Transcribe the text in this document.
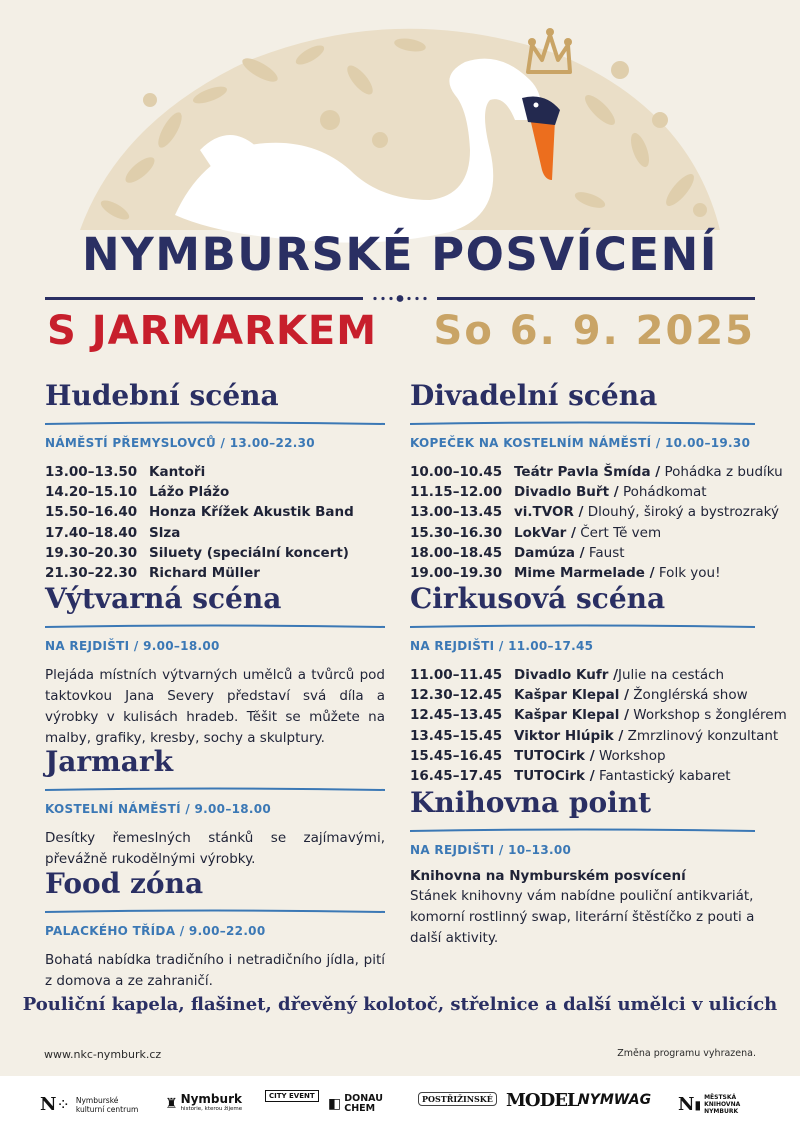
NYMBURSKÉ POSVÍCENÍ
S JARMARKEM So 6. 9. 2025
Hudební scéna
NÁMĚSTÍ PŘEMYSLOVCŮ / 13.00–22.30
13.00–13.50 Kantoři
14.20–15.10 Lážo Plážo
15.50–16.40 Honza Křížek Akustik Band
17.40–18.40 Slza
19.30–20.30 Siluety (speciální koncert)
21.30–22.30 Richard Müller
Výtvarná scéna
NA REJDIŠTI / 9.00–18.00
Plejáda místních výtvarných umělců a tvůrců pod taktovkou Jana Severy představí svá díla a výrobky v kulisách hradeb. Těšit se můžete na malby, grafiky, kresby, sochy a skulptury.
Jarmark
KOSTELNÍ NÁMĚSTÍ / 9.00–18.00
Desítky řemeslných stánků se zajímavými, převážně rukodělnými výrobky.
Food zóna
PALACKÉHO TŘÍDA / 9.00–22.00
Bohatá nabídka tradičního i netradičního jídla, pití z domova a ze zahraničí.
Divadelní scéna
KOPEČEK NA KOSTELNÍM NÁMĚSTÍ / 10.00–19.30
10.00–10.45 Teátr Pavla Šmída / Pohádka z budíku
11.15–12.00 Divadlo Buřt / Pohádkomat
13.00–13.45 vi.TVOR / Dlouhý, široký a bystrozraký
15.30–16.30 LokVar / Čert Tě vem
18.00–18.45 Damúza / Faust
19.00–19.30 Mime Marmelade / Folk you!
Cirkusová scéna
NA REJDIŠTI / 11.00–17.45
11.00–11.45 Divadlo Kufr / Julie na cestách
12.30–12.45 Kašpar Klepal / Žonglérská show
12.45–13.45 Kašpar Klepal / Workshop s žonglérem
13.45–15.45 Viktor Hlúpik / Zmrzlinový konzultant
15.45–16.45 TUTOCirk / Workshop
16.45–17.45 TUTOCirk / Fantastický kabaret
Knihovna point
NA REJDIŠTI / 10–13.00
Knihovna na Nymburském posvícení
Stánek knihovny vám nabídne pouliční antikvariát, komorní rostlinný swap, literární štěstíčko z pouti a další aktivity.
Pouliční kapela, flašinet, dřevěný kolotoč, střelnice a další umělci v ulicích
www.nkc-nymburk.cz	Změna programu vyhrazena.
N ⁘ Nymburské
kulturní centrum ♜ Nymburk
historie, kterou žijeme
CITY EVENT ◧ DONAU
CHEM
POSTŘIŽINSKÉ MODEL NYMWAG N ▮ MĚSTSKÁ
KNIHOVNA
NYMBURK
